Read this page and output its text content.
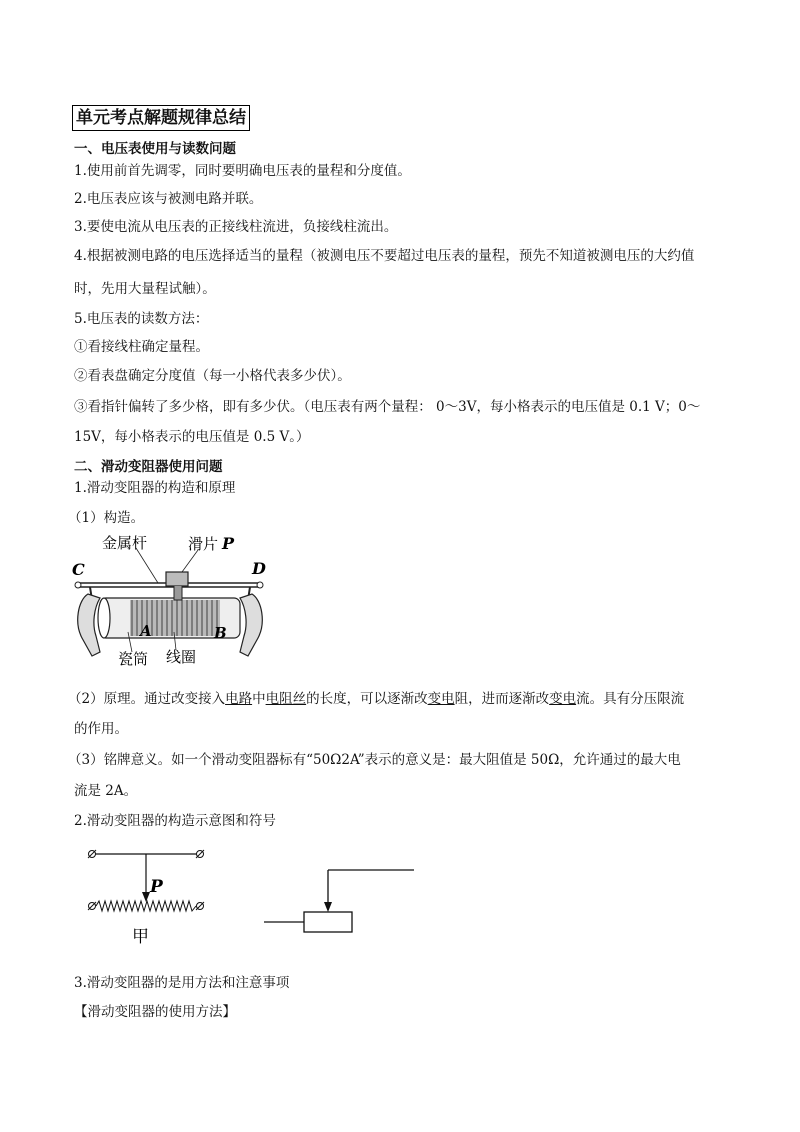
单元考点解题规律总结
一、电压表使用与读数问题
1.使用前首先调零，同时要明确电压表的量程和分度值。
2.电压表应该与被测电路并联。
3.要使电流从电压表的正接线柱流进，负接线柱流出。
4.根据被测电路的电压选择适当的量程（被测电压不要超过电压表的量程，预先不知道被测电压的大约值
时，先用大量程试触）。
5.电压表的读数方法：
①看接线柱确定量程。
②看表盘确定分度值（每一小格代表多少伏）。
③看指针偏转了多少格，即有多少伏。（电压表有两个量程： 0～3V，每小格表示的电压值是 0.1 V；0～
15V，每小格表示的电压值是 0.5 V。）
二、滑动变阻器使用问题
1.滑动变阻器的构造和原理
（1）构造。
金属杆	滑片 P
C	D
A	B
瓷筒 线圈
（2）原理。通过改变接入电路中电阻丝的长度，可以逐渐改变电阻，进而逐渐改变电流。具有分压限流
的作用。
（3）铭牌意义。如一个滑动变阻器标有“50Ω2A”表示的意义是：最大阻值是 50Ω，允许通过的最大电
流是 2A。
2.滑动变阻器的构造示意图和符号
P
甲
3.滑动变阻器的是用方法和注意事项
【滑动变阻器的使用方法】
